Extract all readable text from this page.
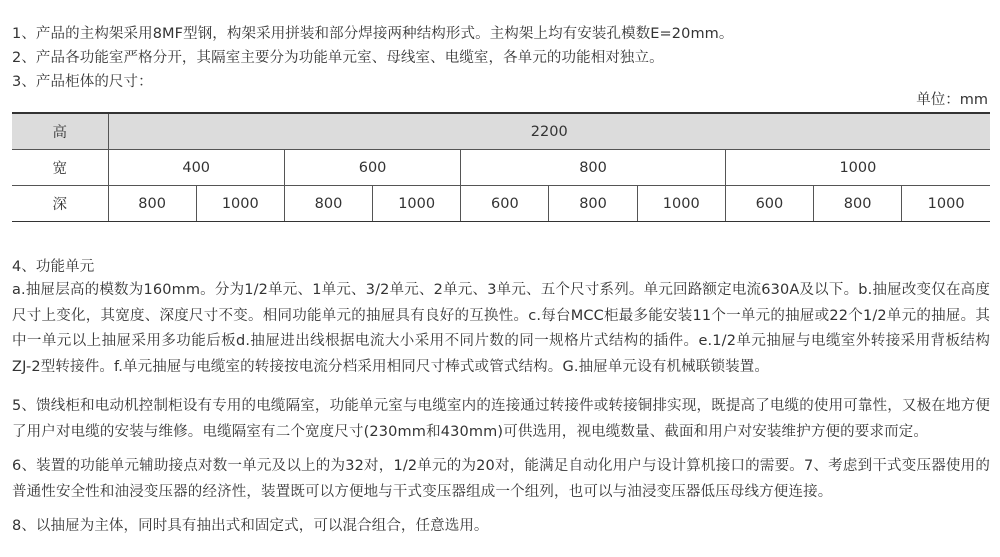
1、产品的主构架采用8MF型钢，构架采用拼装和部分焊接两种结构形式。主构架上均有安装孔模数E=20mm。
2、产品各功能室严格分开，其隔室主要分为功能单元室、母线室、电缆室，各单元的功能相对独立。
3、产品柜体的尺寸：
单位：mm
高	2200									
宽	400		600		800			1000		
深	800	1000	800	1000	600	800	1000	600	800	1000
4、功能单元
a.抽屉层高的模数为160mm。分为1/2单元、1单元、3/2单元、2单元、3单元、五个尺寸系列。单元回路额定电流630A及以下。b.抽屉改变仅在高度尺寸上变化，其宽度、深度尺寸不变。相同功能单元的抽屉具有良好的互换性。c.每台MCC柜最多能安装11个一单元的抽屉或22个1/2单元的抽屉。其中一单元以上抽屉采用多功能后板d.抽屉进出线根据电流大小采用不同片数的同一规格片式结构的插件。e.1/2单元抽屉与电缆室外转接采用背板结构ZJ-2型转接件。f.单元抽屉与电缆室的转接按电流分档采用相同尺寸棒式或管式结构。G.抽屉单元设有机械联锁装置。
5、馈线柜和电动机控制柜设有专用的电缆隔室，功能单元室与电缆室内的连接通过转接件或转接铜排实现，既提高了电缆的使用可靠性，又极在地方便了用户对电缆的安装与维修。电缆隔室有二个宽度尺寸(230mm和430mm)可供选用，视电缆数量、截面和用户对安装维护方便的要求而定。
6、装置的功能单元辅助接点对数一单元及以上的为32对，1/2单元的为20对，能满足自动化用户与设计算机接口的需要。7、考虑到干式变压器使用的普通性安全性和油浸变压器的经济性，装置既可以方便地与干式变压器组成一个组列，也可以与油浸变压器低压母线方便连接。
8、以抽屉为主体，同时具有抽出式和固定式，可以混合组合，任意选用。
